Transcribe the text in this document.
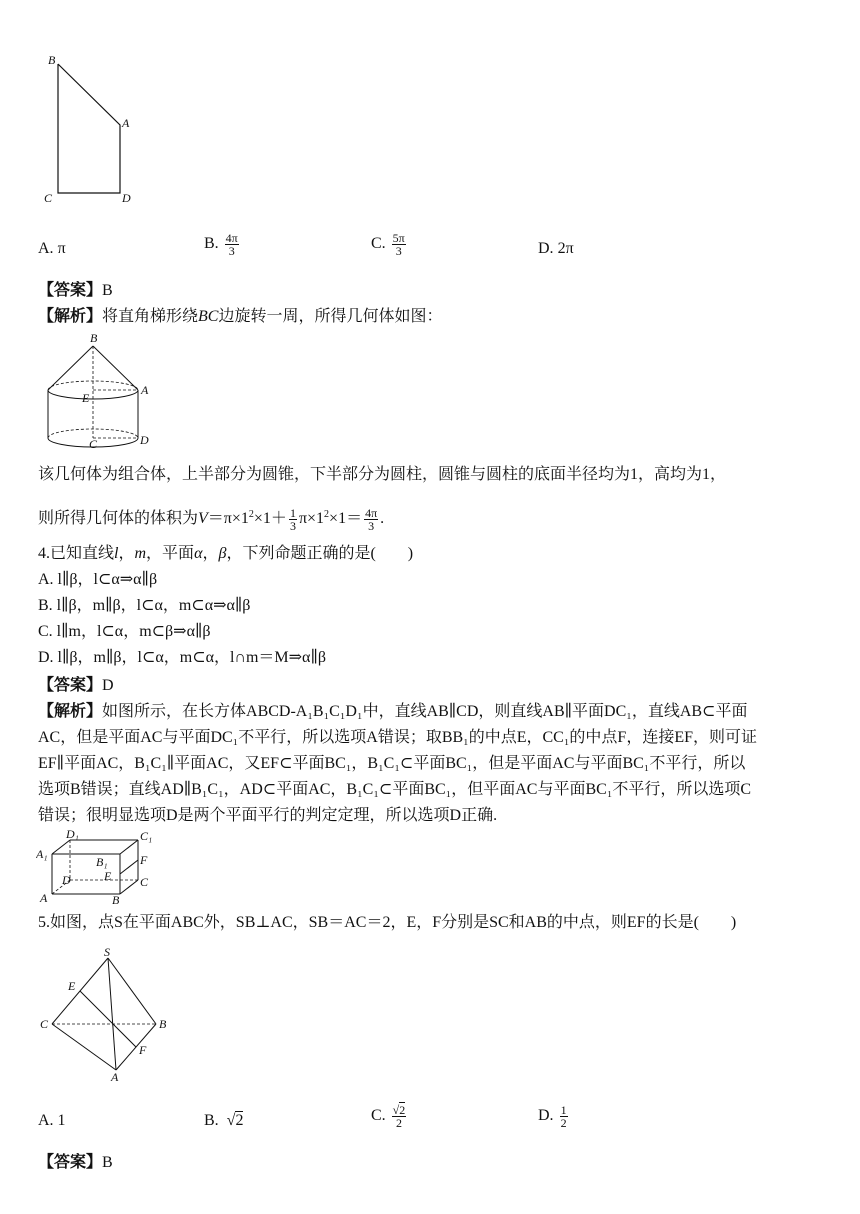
B
A
C	D
A. π	B. $\frac{4\pi}{3}$	C. $\frac{5\pi}{3}$	D. 2π
【答案】B
【解析】将直角梯形绕BC边旋转一周，所得几何体如图：
B
A
E
C	D
该几何体为组合体，上半部分为圆锥，下半部分为圆柱，圆锥与圆柱的底面半径均为1，高均为1，
则所得几何体的体积为$V=\pi\times 1^2\times 1+ \frac{1}{3} \pi\times 1^2\times 1= \frac{4\pi}{3}$ .
4.已知直线l，m，平面α，β，下列命题正确的是(　　)
A. l∥β，l⊂α⇒α∥β
B. l∥β，m∥β，l⊂α，m⊂α⇒α∥β
C. l∥m，l⊂α，m⊂β⇒α∥β
D. l∥β，m∥β，l⊂α，m⊂α，l∩m＝M⇒α∥β
【答案】D
【解析】如图所示，在长方体ABCD-A₁B₁C₁D₁中，直线AB∥CD，则直线AB∥平面DC₁，直线AB⊂平面
AC，但是平面AC与平面DC₁不平行，所以选项A错误；取BB₁的中点E，CC₁的中点F，连接EF，则可证
EF∥平面AC，B₁C₁∥平面AC，又EF⊂平面BC₁，B₁C₁⊂平面BC₁，但是平面AC与平面BC₁不平行，所以
选项B错误；直线AD∥B₁C₁，AD⊂平面AC，B₁C₁⊂平面BC₁，但平面AC与平面BC₁不平行，所以选项C
错误；很明显选项D是两个平面平行的判定定理，所以选项D正确.
D₁	C₁
A₁
B₁	F
D	E C
A	B
5.如图，点S在平面ABC外，SB⊥AC，SB＝AC＝2，E，F分别是SC和AB的中点，则EF的长是(　　)
S
E
C	B
F
A
A. 1	B. √2	C. $\frac{√2}{2}$	D. $\frac{1}{2}$
【答案】B
